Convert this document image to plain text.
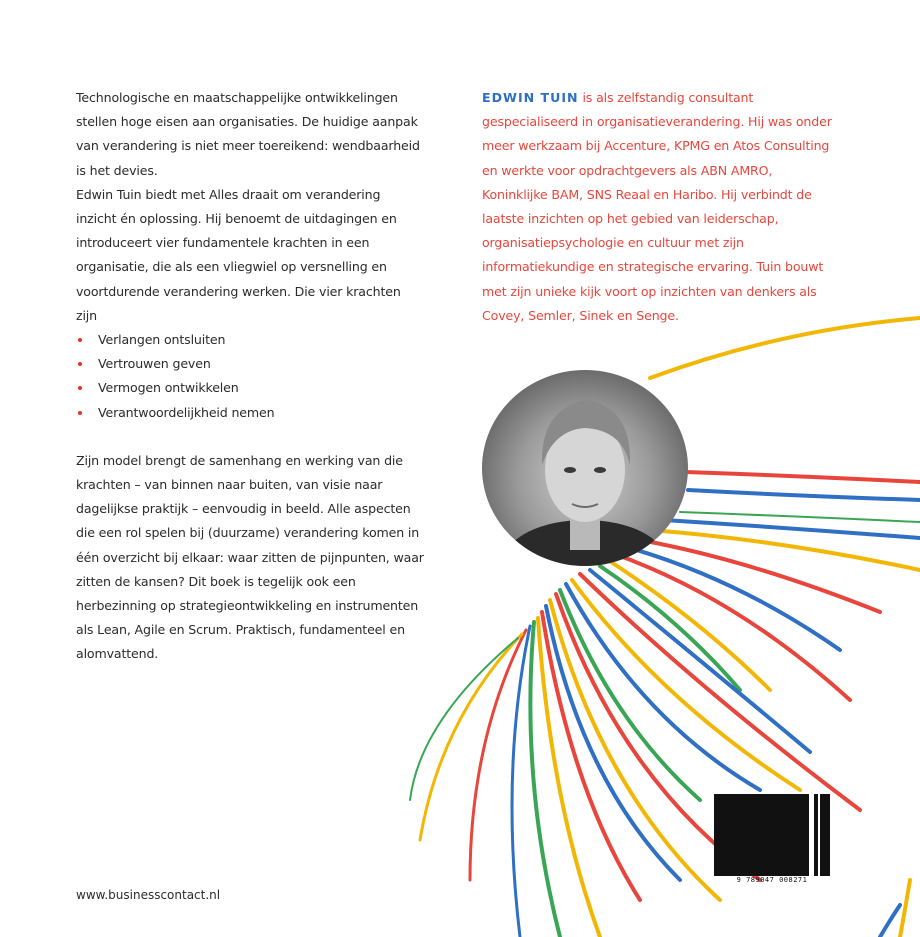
Technologische en maatschappelijke ontwikkelingen stellen hoge eisen aan organisaties. De huidige aanpak van verandering is niet meer toereikend: wendbaarheid is het devies.

Edwin Tuin biedt met Alles draait om verandering inzicht én oplossing. Hij benoemt de uitdagingen en introduceert vier fundamentele krachten in een organisatie, die als een vliegwiel op versnelling en voortdurende verandering werken. Die vier krachten zijn

Verlangen ontsluiten
Vertrouwen geven
Vermogen ontwikkelen
Verantwoordelijkheid nemen

Zijn model brengt de samenhang en werking van die krachten – van binnen naar buiten, van visie naar dagelijkse praktijk – eenvoudig in beeld. Alle aspecten die een rol spelen bij (duurzame) verandering komen in één overzicht bij elkaar: waar zitten de pijnpunten, waar zitten de kansen? Dit boek is tegelijk ook een herbezinning op strategieontwikkeling en instrumenten als Lean, Agile en Scrum. Praktisch, fundamenteel en alomvattend.

EDWIN TUIN is als zelfstandig consultant gespecialiseerd in organisatieverandering. Hij was onder meer werkzaam bij Accenture, KPMG en Atos Consulting en werkte voor opdrachtgevers als ABN AMRO, Koninklijke BAM, SNS Reaal en Haribo. Hij verbindt de laatste inzichten op het gebied van leiderschap, organisatiepsychologie en cultuur met zijn informatiekundige en strategische ervaring. Tuin bouwt met zijn unieke kijk voort op inzichten van denkers als Covey, Semler, Sinek en Senge.

9 789047 008271
www.businesscontact.nl
